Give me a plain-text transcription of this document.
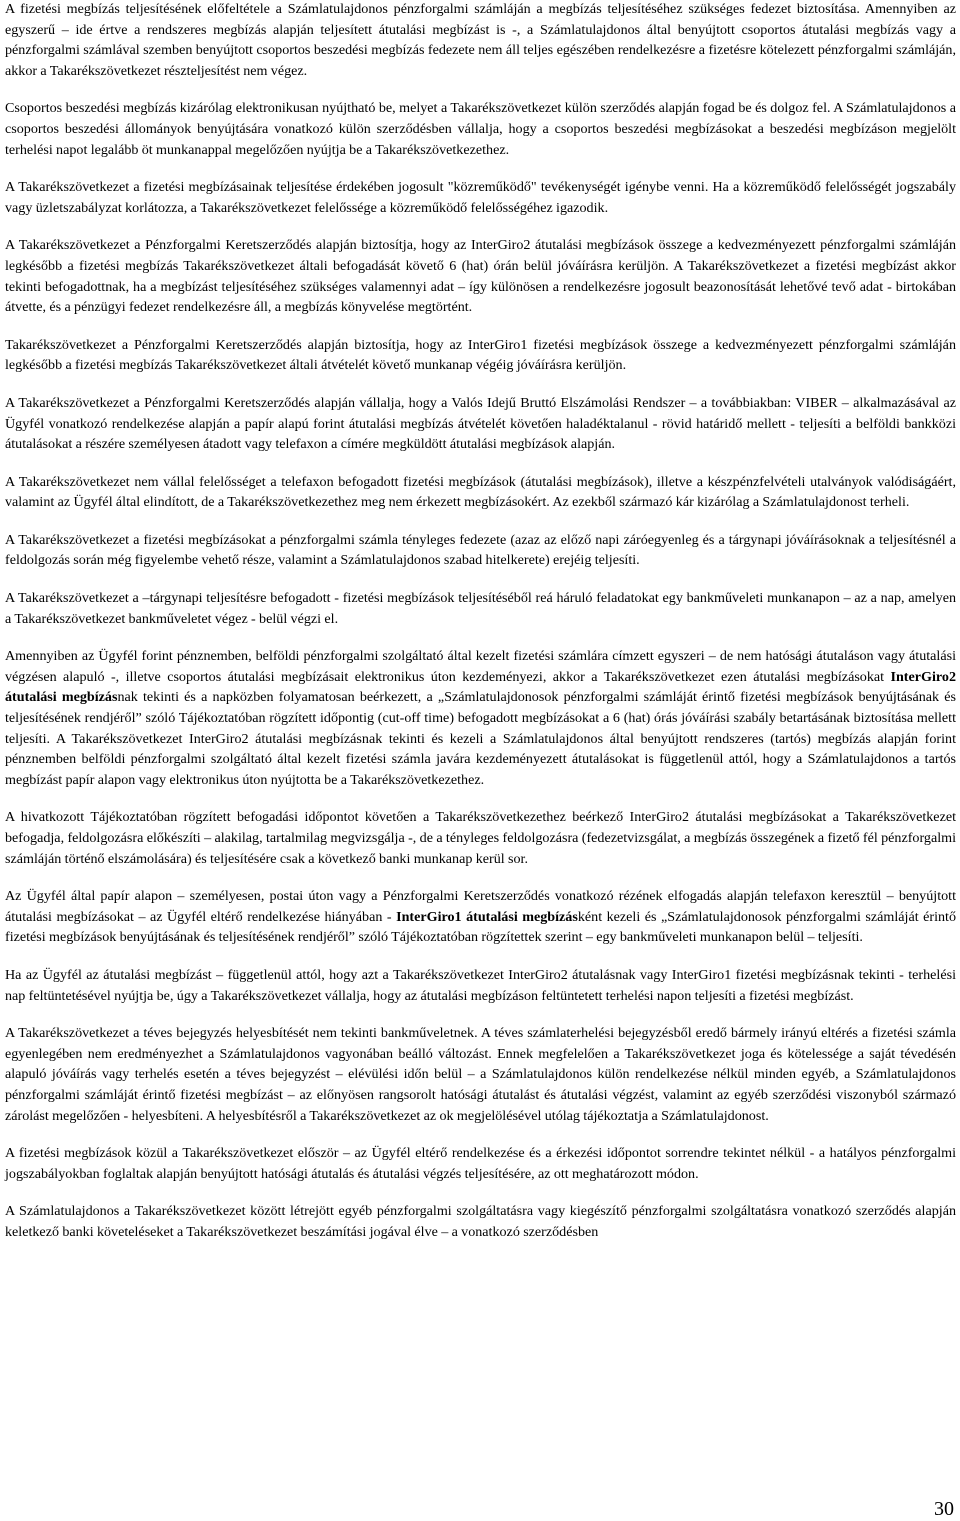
A fizetési megbízás teljesítésének előfeltétele a Számlatulajdonos pénzforgalmi számláján a megbízás teljesítéséhez szükséges fedezet biztosítása. Amennyiben az egyszerű – ide értve a rendszeres megbízás alapján teljesített átutalási megbízást is -, a Számlatulajdonos által benyújtott csoportos átutalási megbízás vagy a pénzforgalmi számlával szemben benyújtott csoportos beszedési megbízás fedezete nem áll teljes egészében rendelkezésre a fizetésre kötelezett pénzforgalmi számláján, akkor a Takarékszövetkezet részteljesítést nem végez.

Csoportos beszedési megbízás kizárólag elektronikusan nyújtható be, melyet a Takarékszövetkezet külön szerződés alapján fogad be és dolgoz fel. A Számlatulajdonos a csoportos beszedési állományok benyújtására vonatkozó külön szerződésben vállalja, hogy a csoportos beszedési megbízásokat a beszedési megbízáson megjelölt terhelési napot legalább öt munkanappal megelőzően nyújtja be a Takarékszövetkezethez.

A Takarékszövetkezet a fizetési megbízásainak teljesítése érdekében jogosult "közreműködő" tevékenységét igénybe venni. Ha a közreműködő felelősségét jogszabály vagy üzletszabályzat korlátozza, a Takarékszövetkezet felelőssége a közreműködő felelősségéhez igazodik.

A Takarékszövetkezet a Pénzforgalmi Keretszerződés alapján biztosítja, hogy az InterGiro2 átutalási megbízások összege a kedvezményezett pénzforgalmi számláján legkésőbb a fizetési megbízás Takarékszövetkezet általi befogadását követő 6 (hat) órán belül jóváírásra kerüljön. A Takarékszövetkezet a fizetési megbízást akkor tekinti befogadottnak, ha a megbízást teljesítéséhez szükséges valamennyi adat – így különösen a rendelkezésre jogosult beazonosítását lehetővé tevő adat - birtokában átvette, és a pénzügyi fedezet rendelkezésre áll, a megbízás könyvelése megtörtént.

Takarékszövetkezet a Pénzforgalmi Keretszerződés alapján biztosítja, hogy az InterGiro1 fizetési megbízások összege a kedvezményezett pénzforgalmi számláján legkésőbb a fizetési megbízás Takarékszövetkezet általi átvételét követő munkanap végéig jóváírásra kerüljön.

A Takarékszövetkezet a Pénzforgalmi Keretszerződés alapján vállalja, hogy a Valós Idejű Bruttó Elszámolási Rendszer – a továbbiakban: VIBER – alkalmazásával az Ügyfél vonatkozó rendelkezése alapján a papír alapú forint átutalási megbízás átvételét követően haladéktalanul - rövid határidő mellett - teljesíti a belföldi bankközi átutalásokat a részére személyesen átadott vagy telefaxon a címére megküldött átutalási megbízások alapján.

A Takarékszövetkezet nem vállal felelősséget a telefaxon befogadott fizetési megbízások (átutalási megbízások), illetve a készpénzfelvételi utalványok valódiságáért, valamint az Ügyfél által elindított, de a Takarékszövetkezethez meg nem érkezett megbízásokért. Az ezekből származó kár kizárólag a Számlatulajdonost terheli.

A Takarékszövetkezet a fizetési megbízásokat a pénzforgalmi számla tényleges fedezete (azaz az előző napi záróegyenleg és a tárgynapi jóváírásoknak a teljesítésnél a feldolgozás során még figyelembe vehető része, valamint a Számlatulajdonos szabad hitelkerete) erejéig teljesíti.

A Takarékszövetkezet a –tárgynapi teljesítésre befogadott - fizetési megbízások teljesítéséből reá háruló feladatokat egy bankműveleti munkanapon – az a nap, amelyen a Takarékszövetkezet bankműveletet végez - belül végzi el.

Amennyiben az Ügyfél forint pénznemben, belföldi pénzforgalmi szolgáltató által kezelt fizetési számlára címzett egyszeri – de nem hatósági átutaláson vagy átutalási végzésen alapuló -, illetve csoportos átutalási megbízásait elektronikus úton kezdeményezi, akkor a Takarékszövetkezet ezen átutalási megbízásokat InterGiro2 átutalási megbízásnak tekinti és a napközben folyamatosan beérkezett, a „Számlatulajdonosok pénzforgalmi számláját érintő fizetési megbízások benyújtásának és teljesítésének rendjéről” szóló Tájékoztatóban rögzített időpontig (cut-off time) befogadott megbízásokat a 6 (hat) órás jóváírási szabály betartásának biztosítása mellett teljesíti. A Takarékszövetkezet InterGiro2 átutalási megbízásnak tekinti és kezeli a Számlatulajdonos által benyújtott rendszeres (tartós) megbízás alapján forint pénznemben belföldi pénzforgalmi szolgáltató által kezelt fizetési számla javára kezdeményezett átutalásokat is függetlenül attól, hogy a Számlatulajdonos a tartós megbízást papír alapon vagy elektronikus úton nyújtotta be a Takarékszövetkezethez.

A hivatkozott Tájékoztatóban rögzített befogadási időpontot követően a Takarékszövetkezethez beérkező InterGiro2 átutalási megbízásokat a Takarékszövetkezet befogadja, feldolgozásra előkészíti – alakilag, tartalmilag megvizsgálja -, de a tényleges feldolgozásra (fedezetvizsgálat, a megbízás összegének a fizető fél pénzforgalmi számláján történő elszámolására) és teljesítésére csak a következő banki munkanap kerül sor.

Az Ügyfél által papír alapon – személyesen, postai úton vagy a Pénzforgalmi Keretszerződés vonatkozó rézének elfogadás alapján telefaxon keresztül – benyújtott átutalási megbízásokat – az Ügyfél eltérő rendelkezése hiányában - InterGiro1 átutalási megbízásként kezeli és „Számlatulajdonosok pénzforgalmi számláját érintő fizetési megbízások benyújtásának és teljesítésének rendjéről” szóló Tájékoztatóban rögzítettek szerint – egy bankműveleti munkanapon belül – teljesíti.

Ha az Ügyfél az átutalási megbízást – függetlenül attól, hogy azt a Takarékszövetkezet InterGiro2 átutalásnak vagy InterGiro1 fizetési megbízásnak tekinti - terhelési nap feltüntetésével nyújtja be, úgy a Takarékszövetkezet vállalja, hogy az átutalási megbízáson feltüntetett terhelési napon teljesíti a fizetési megbízást.

A Takarékszövetkezet a téves bejegyzés helyesbítését nem tekinti bankműveletnek. A téves számlaterhelési bejegyzésből eredő bármely irányú eltérés a fizetési számla egyenlegében nem eredményezhet a Számlatulajdonos vagyonában beálló változást. Ennek megfelelően a Takarékszövetkezet joga és kötelessége a saját tévedésén alapuló jóváírás vagy terhelés esetén a téves bejegyzést – elévülési időn belül – a Számlatulajdonos külön rendelkezése nélkül minden egyéb, a Számlatulajdonos pénzforgalmi számláját érintő fizetési megbízást – az előnyösen rangsorolt hatósági átutalást és átutalási végzést, valamint az egyéb szerződési viszonyból származó zárolást megelőzően - helyesbíteni. A helyesbítésről a Takarékszövetkezet az ok megjelölésével utólag tájékoztatja a Számlatulajdonost.

A fizetési megbízások közül a Takarékszövetkezet először – az Ügyfél eltérő rendelkezése és a érkezési időpontot sorrendre tekintet nélkül - a hatályos pénzforgalmi jogszabályokban foglaltak alapján benyújtott hatósági átutalás és átutalási végzés teljesítésére, az ott meghatározott módon.

A Számlatulajdonos a Takarékszövetkezet között létrejött egyéb pénzforgalmi szolgáltatásra vagy kiegészítő pénzforgalmi szolgáltatásra vonatkozó szerződés alapján keletkező banki követeléseket a Takarékszövetkezet beszámítási jogával élve – a vonatkozó szerződésben

30
